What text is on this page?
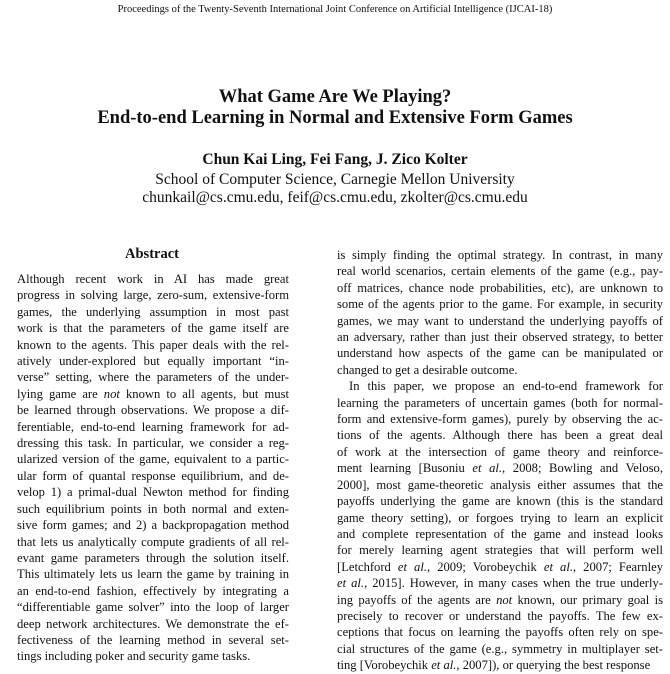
Proceedings of the Twenty-Seventh International Joint Conference on Artificial Intelligence (IJCAI-18)
What Game Are We Playing?
End-to-end Learning in Normal and Extensive Form Games
Chun Kai Ling, Fei Fang, J. Zico Kolter
School of Computer Science, Carnegie Mellon University
chunkail@cs.cmu.edu, feif@cs.cmu.edu, zkolter@cs.cmu.edu
Abstract
Although recent work in AI has made great
progress in solving large, zero-sum, extensive-form
games, the underlying assumption in most past
work is that the parameters of the game itself are
known to the agents. This paper deals with the rel-
atively under-explored but equally important “in-
verse” setting, where the parameters of the under-
lying game are not known to all agents, but must
be learned through observations. We propose a dif-
ferentiable, end-to-end learning framework for ad-
dressing this task. In particular, we consider a reg-
ularized version of the game, equivalent to a partic-
ular form of quantal response equilibrium, and de-
velop 1) a primal-dual Newton method for finding
such equilibrium points in both normal and exten-
sive form games; and 2) a backpropagation method
that lets us analytically compute gradients of all rel-
evant game parameters through the solution itself.
This ultimately lets us learn the game by training in
an end-to-end fashion, effectively by integrating a
“differentiable game solver” into the loop of larger
deep network architectures. We demonstrate the ef-
fectiveness of the learning method in several set-
tings including poker and security game tasks.
is simply finding the optimal strategy. In contrast, in many
real world scenarios, certain elements of the game (e.g., pay-
off matrices, chance node probabilities, etc), are unknown to
some of the agents prior to the game. For example, in security
games, we may want to understand the underlying payoffs of
an adversary, rather than just their observed strategy, to better
understand how aspects of the game can be manipulated or
changed to get a desirable outcome.
In this paper, we propose an end-to-end framework for
learning the parameters of uncertain games (both for normal-
form and extensive-form games), purely by observing the ac-
tions of the agents. Although there has been a great deal
of work at the intersection of game theory and reinforce-
ment learning [Busoniu et al., 2008; Bowling and Veloso,
2000], most game-theoretic analysis either assumes that the
payoffs underlying the game are known (this is the standard
game theory setting), or forgoes trying to learn an explicit
and complete representation of the game and instead looks
for merely learning agent strategies that will perform well
[Letchford et al., 2009; Vorobeychik et al., 2007; Fearnley
et al., 2015]. However, in many cases when the true underly-
ing payoffs of the agents are not known, our primary goal is
precisely to recover or understand the payoffs. The few ex-
ceptions that focus on learning the payoffs often rely on spe-
cial structures of the game (e.g., symmetry in multiplayer set-
ting [Vorobeychik et al., 2007]), or querying the best response
